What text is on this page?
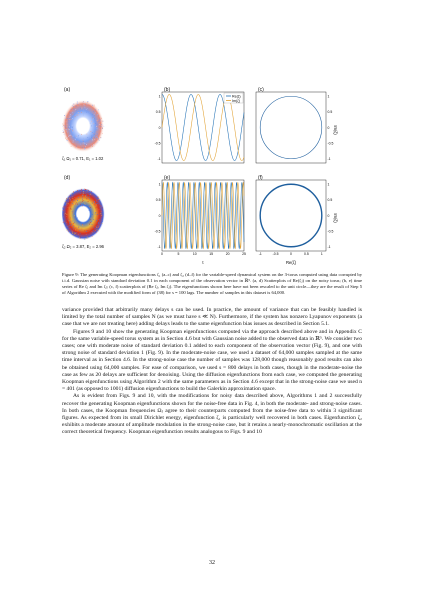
1
0.5
0
-0.5
-1
1
0.5
0
-0.5
-1
0	5	10	15	20	25
1
0.5
0
-0.5
-1
1
0.5
0
-0.5
-1
-1	-0.5	0	0.5	1
Re(ζ)
Im(ζ)
t	Re(ζ)
Im(ζ)
Im(ζ)
(a)	(b)	(c)
(d)	(e)	(f)
ζ₁ Ω₁ = 0.71, E₁ = 1.02
ζ₂ Ω₂ = 3.87, E₂ = 2.96
Figure 9: The generating Koopman eigenfunctions ζ₁ (a–c) and ζ₂ (d–f) for the variable-speed dynamical system on the 3-torus computed using data corrupted by i.i.d. Gaussian noise with standard deviation 0.1 in each component of the observation vector in ℝ⁵. (a, d) Scatterplots of Re(ζⱼ) on the noisy torus; (b, e) time series of Re ζⱼ and Im ζⱼ; (c, f) scatterplots of (Re ζⱼ, Im ζⱼ). The eigenfunctions shown here have not been rescaled to the unit circle—they are the result of Step 5 of Algorithm 2 executed with the modified form of (38) for s = 100 lags. The number of samples in this dataset is 64,000.

variance provided that arbitrarily many delays s can be used. In practice, the amount of variance that can be feasibly handled is limited by the total number of samples N (as we must have s ≪ N). Furthermore, if the system has nonzero Lyapunov exponents (a case that we are not treating here) adding delays leads to the same eigenfunction bias issues as described in Section 5.1.

Figures 9 and 10 show the generating Koopman eigenfunctions computed via the approach described above and in Appendix C for the same variable-speed torus system as in Section 4.6 but with Gaussian noise added to the observed data in ℝ⁵. We consider two cases; one with moderate noise of standard deviation 0.1 added to each component of the observation vector (Fig. 9), and one with strong noise of standard deviation 1 (Fig. 9). In the moderate-noise case, we used a dataset of 64,000 samples sampled at the same time interval as in Section 4.6. In the strong-noise case the number of samples was 128,000 though reasonably good results can also be obtained using 64,000 samples. For ease of comparison, we used s = 800 delays in both cases, though in the moderate-noise the case as few as 20 delays are sufficient for denoising. Using the diffusion eigenfunctions from each case, we computed the generating Koopman eigenfunctions using Algorithm 2 with the same parameters as in Section 4.6 except that in the strong-noise case we used n = 401 (as opposed to 1001) diffusion eigenfunctions to build the Galerkin approximation space.

As is evident from Figs. 9 and 10, with the modifications for noisy data described above, Algorithms 1 and 2 successfully recover the generating Koopman eigenfunctions shown for the noise-free data in Fig. 4, in both the moderate- and strong-noise cases. In both cases, the Koopman frequencies Ωⱼ agree to their counterparts computed from the noise-free data to within 3 significant figures. As expected from its small Dirichlet energy, eigenfunction ζ₁ is particularly well recovered in both cases. Eigenfunction ζ₂ exhibits a moderate amount of amplitude modulation in the strong-noise case, but it retains a nearly-monochromatic oscillation at the correct theoretical frequency. Koopman eigenfunction results analogous to Figs. 9 and 10

32
